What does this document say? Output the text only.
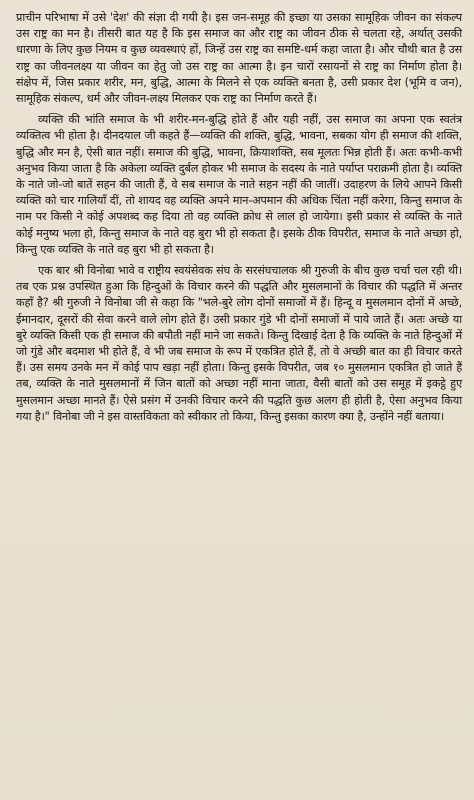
प्राचीन परिभाषा में उसे 'देश' की संज्ञा दी गयी है। इस जन-समूह की इच्छा या उसका सामूहिक जीवन का संकल्प उस राष्ट्र का मन है। तीसरी बात यह है कि इस समाज का और राष्ट्र का जीवन ठीक से चलता रहे, अर्थात् उसकी धारणा के लिए कुछ नियम व कुछ व्यवस्थाएं हों, जिन्हें उस राष्ट्र का समष्टि-धर्म कहा जाता है। और चौथी बात है उस राष्ट्र का जीवनलक्ष्य या जीवन का हेतु जो उस राष्ट्र का आत्मा है। इन चारों रसायनों से राष्ट्र का निर्माण होता है। संक्षेप में, जिस प्रकार शरीर, मन, बुद्धि, आत्मा के मिलने से एक व्यक्ति बनता है, उसी प्रकार देश (भूमि व जन), सामूहिक संकल्प, धर्म और जीवन-लक्ष्य मिलकर एक राष्ट्र का निर्माण करते हैं।

व्यक्ति की भांति समाज के भी शरीर-मन-बुद्धि होते हैं और यही नहीं, उस समाज का अपना एक स्वतंत्र व्यक्तित्व भी होता है। दीनदयाल जी कहते हैं—व्यक्ति की शक्ति, बुद्धि, भावना, सबका योग ही समाज की शक्ति, बुद्धि और मन है, ऐसी बात नहीं। समाज की बुद्धि, भावना, क्रियाशक्ति, सब मूलतः भिन्न होती हैं। अतः कभी-कभी अनुभव किया जाता है कि अकेला व्यक्ति दुर्बल होकर भी समाज के सदस्य के नाते पर्याप्त पराक्रमी होता है। व्यक्ति के नाते जो-जो बातें सहन की जाती हैं, वे सब समाज के नाते सहन नहीं की जातीं। उदाहरण के लिये आपने किसी व्यक्ति को चार गालियाँ दीं, तो शायद वह व्यक्ति अपने मान-अपमान की अधिक चिंता नहीं करेगा, किन्तु समाज के नाम पर किसी ने कोई अपशब्द कह दिया तो वह व्यक्ति क्रोध से लाल हो जायेगा। इसी प्रकार से व्यक्ति के नाते कोई मनुष्य भला हो, किन्तु समाज के नाते वह बुरा भी हो सकता है। इसके ठीक विपरीत, समाज के नाते अच्छा हो, किन्तु एक व्यक्ति के नाते वह बुरा भी हो सकता है।

एक बार श्री विनोबा भावे व राष्ट्रीय स्वयंसेवक संघ के सरसंघचालक श्री गुरुजी के बीच कुछ चर्चा चल रही थी। तब एक प्रश्न उपस्थित हुआ कि हिन्दुओं के विचार करने की पद्धति और मुसलमानों के विचार की पद्धति में अन्तर कहाँ है? श्री गुरुजी ने विनोबा जी से कहा कि "भले-बुरे लोग दोनों समाजों में हैं। हिन्दू व मुसलमान दोनों में अच्छे, ईमानदार, दूसरों की सेवा करने वाले लोग होते हैं। उसी प्रकार गुंडे भी दोनों समाजों में पाये जाते हैं। अतः अच्छे या बुरे व्यक्ति किसी एक ही समाज की बपौती नहीं माने जा सकते। किन्तु दिखाई देता है कि व्यक्ति के नाते हिन्दुओं में जो गुंडे और बदमाश भी होते हैं, वे भी जब समाज के रूप में एकत्रित होते हैं, तो वे अच्छी बात का ही विचार करते हैं। उस समय उनके मन में कोई पाप खड़ा नहीं होता। किन्तु इसके विपरीत, जब १० मुसलमान एकत्रित हो जाते हैं तब, व्यक्ति के नाते मुसलमानों में जिन बातों को अच्छा नहीं माना जाता, वैसी बातों को उस समूह में इकट्ठे हुए मुसलमान अच्छा मानते हैं। ऐसे प्रसंग में उनकी विचार करने की पद्धति कुछ अलग ही होती है, ऐसा अनुभव किया गया है।" विनोबा जी ने इस वास्तविकता को स्वीकार तो किया, किन्तु इसका कारण क्या है, उन्होंने नहीं बताया।
